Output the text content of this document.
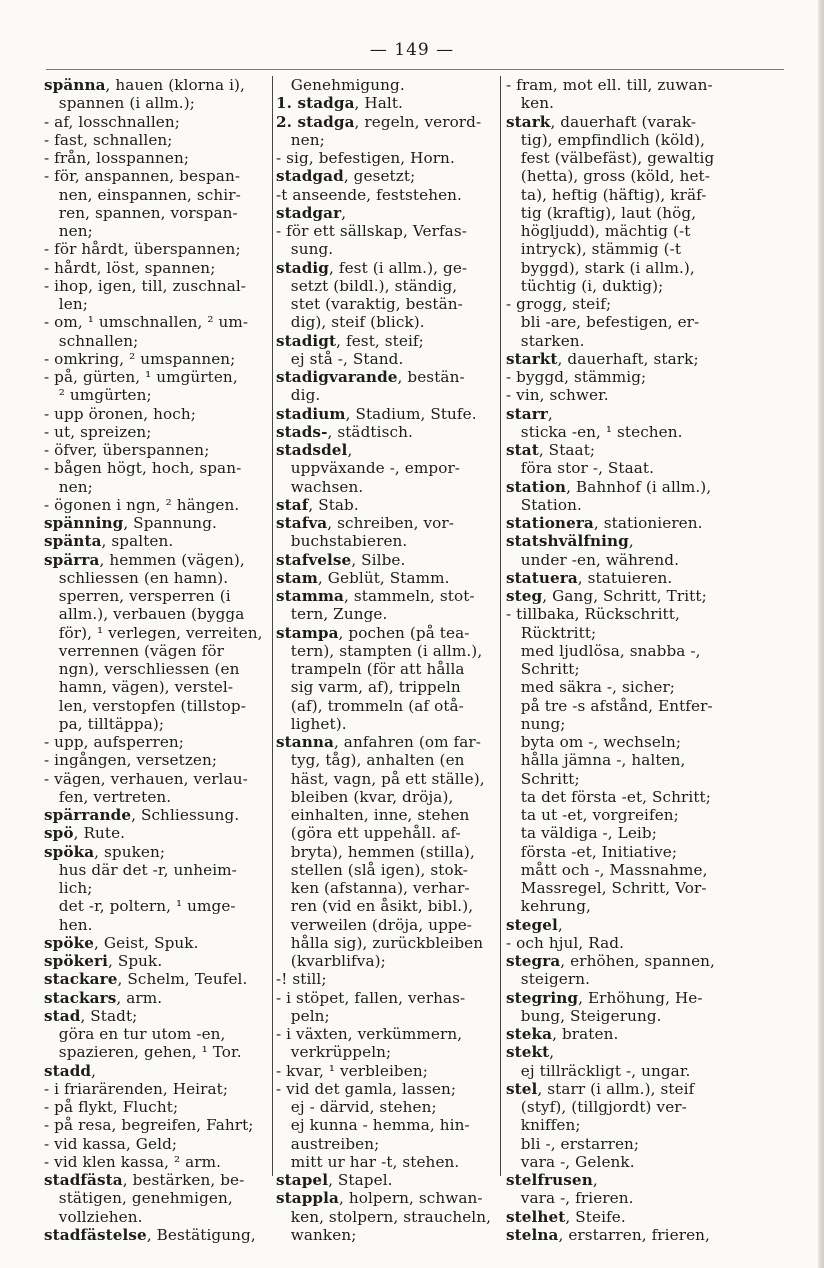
— 149 —
spänna, hauen (klorna i),
spannen (i allm.);
- af, losschnallen;
- fast, schnallen;
- från, losspannen;
- för, anspannen, bespan-
nen, einspannen, schir-
ren, spannen, vorspan-
nen;
- för hårdt, überspannen;
- hårdt, löst, spannen;
- ihop, igen, till, zuschnal-
len;
- om, ¹ umschnallen, ² um-
schnallen;
- omkring, ² umspannen;
- på, gürten, ¹ umgürten,
² umgürten;
- upp öronen, hoch;
- ut, spreizen;
- öfver, überspannen;
- bågen högt, hoch, span-
nen;
- ögonen i ngn, ² hängen.
spänning, Spannung.
spänta, spalten.
spärra, hemmen (vägen),
schliessen (en hamn).
sperren, versperren (i
allm.), verbauen (bygga
för), ¹ verlegen, verreiten,
verrennen (vägen för
ngn), verschliessen (en
hamn, vägen), verstel-
len, verstopfen (tillstop-
pa, tilltäppa);
- upp, aufsperren;
- ingången, versetzen;
- vägen, verhauen, verlau-
fen, vertreten.
spärrande, Schliessung.
spö, Rute.
spöka, spuken;
hus där det -r, unheim-
lich;
det -r, poltern, ¹ umge-
hen.
spöke, Geist, Spuk.
spökeri, Spuk.
stackare, Schelm, Teufel.
stackars, arm.
stad, Stadt;
göra en tur utom -en,
spazieren, gehen, ¹ Tor.
stadd,
- i friarärenden, Heirat;
- på flykt, Flucht;
- på resa, begreifen, Fahrt;
- vid kassa, Geld;
- vid klen kassa, ² arm.
stadfästa, bestärken, be-
stätigen, genehmigen,
vollziehen.
stadfästelse, Bestätigung,
Genehmigung.
1. stadga, Halt.
2. stadga, regeln, verord-
nen;
- sig, befestigen, Horn.
stadgad, gesetzt;
-t anseende, feststehen.
stadgar,
- för ett sällskap, Verfas-
sung.
stadig, fest (i allm.), ge-
setzt (bildl.), ständig,
stet (varaktig, bestän-
dig), steif (blick).
stadigt, fest, steif;
ej stå -, Stand.
stadigvarande, bestän-
dig.
stadium, Stadium, Stufe.
stads-, städtisch.
stadsdel,
uppväxande -, empor-
wachsen.
staf, Stab.
stafva, schreiben, vor-
buchstabieren.
stafvelse, Silbe.
stam, Geblüt, Stamm.
stamma, stammeln, stot-
tern, Zunge.
stampa, pochen (på tea-
tern), stampten (i allm.),
trampeln (för att hålla
sig varm, af), trippeln
(af), trommeln (af otå-
lighet).
stanna, anfahren (om far-
tyg, tåg), anhalten (en
häst, vagn, på ett ställe),
bleiben (kvar, dröja),
einhalten, inne, stehen
(göra ett uppehåll. af-
bryta), hemmen (stilla),
stellen (slå igen), stok-
ken (afstanna), verhar-
ren (vid en åsikt, bibl.),
verweilen (dröja, uppe-
hålla sig), zurückbleiben
(kvarblifva);
-! still;
- i stöpet, fallen, verhas-
peln;
- i växten, verkümmern,
verkrüppeln;
- kvar, ¹ verbleiben;
- vid det gamla, lassen;
ej - därvid, stehen;
ej kunna - hemma, hin-
austreiben;
mitt ur har -t, stehen.
stapel, Stapel.
stappla, holpern, schwan-
ken, stolpern, straucheln,
wanken;
- fram, mot ell. till, zuwan-
ken.
stark, dauerhaft (varak-
tig), empfindlich (köld),
fest (välbefäst), gewaltig
(hetta), gross (köld, het-
ta), heftig (häftig), kräf-
tig (kraftig), laut (hög,
högljudd), mächtig (-t
intryck), stämmig (-t
byggd), stark (i allm.),
tüchtig (i, duktig);
- grogg, steif;
bli -are, befestigen, er-
starken.
starkt, dauerhaft, stark;
- byggd, stämmig;
- vin, schwer.
starr,
sticka -en, ¹ stechen.
stat, Staat;
föra stor -, Staat.
station, Bahnhof (i allm.),
Station.
stationera, stationieren.
statshvälfning,
under -en, während.
statuera, statuieren.
steg, Gang, Schritt, Tritt;
- tillbaka, Rückschritt,
Rücktritt;
med ljudlösa, snabba -,
Schritt;
med säkra -, sicher;
på tre -s afstånd, Entfer-
nung;
byta om -, wechseln;
hålla jämna -, halten,
Schritt;
ta det första -et, Schritt;
ta ut -et, vorgreifen;
ta väldiga -, Leib;
första -et, Initiative;
mått och -, Massnahme,
Massregel, Schritt, Vor-
kehrung,
stegel,
- och hjul, Rad.
stegra, erhöhen, spannen,
steigern.
stegring, Erhöhung, He-
bung, Steigerung.
steka, braten.
stekt,
ej tillräckligt -, ungar.
stel, starr (i allm.), steif
(styf), (tillgjordt) ver-
kniffen;
bli -, erstarren;
vara -, Gelenk.
stelfrusen,
vara -, frieren.
stelhet, Steife.
stelna, erstarren, frieren,
